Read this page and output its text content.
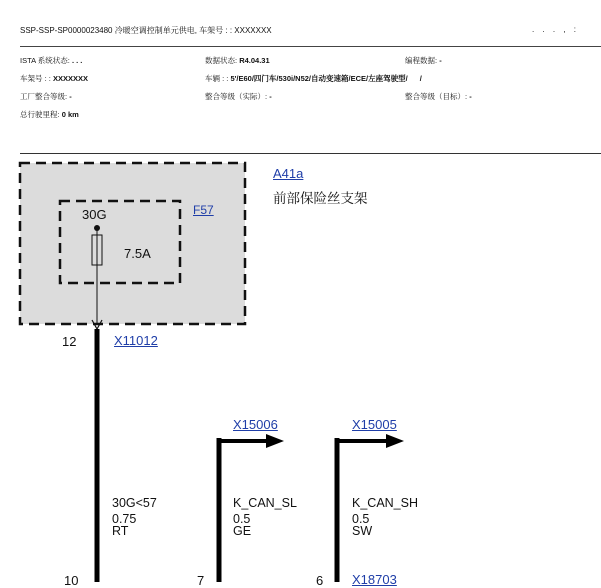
SSP-SSP-SP0000023480 冷暖空调控制单元供电, 车架号 : : XXXXXXX	. . . , :
ISTA 系统状态: . . .	数据状态: R4.04.31	编程数据: -
车架号 : : XXXXXXX	车辆 : : 5'/E60/四门车/530i/N52/自动变速箱/ECE/左座驾驶型/ /
工厂整合等级: -	整合等级（实际）: -	整合等级（目标）: -
总行驶里程: 0 km
A41a
前部保险丝支架
30G	F57
7.5A
12	X11012
X15006	X15005
30G<57
0.75
RT
K_CAN_SL
0.5
GE
K_CAN_SH
0.5
SW
10	7	6 X18703
